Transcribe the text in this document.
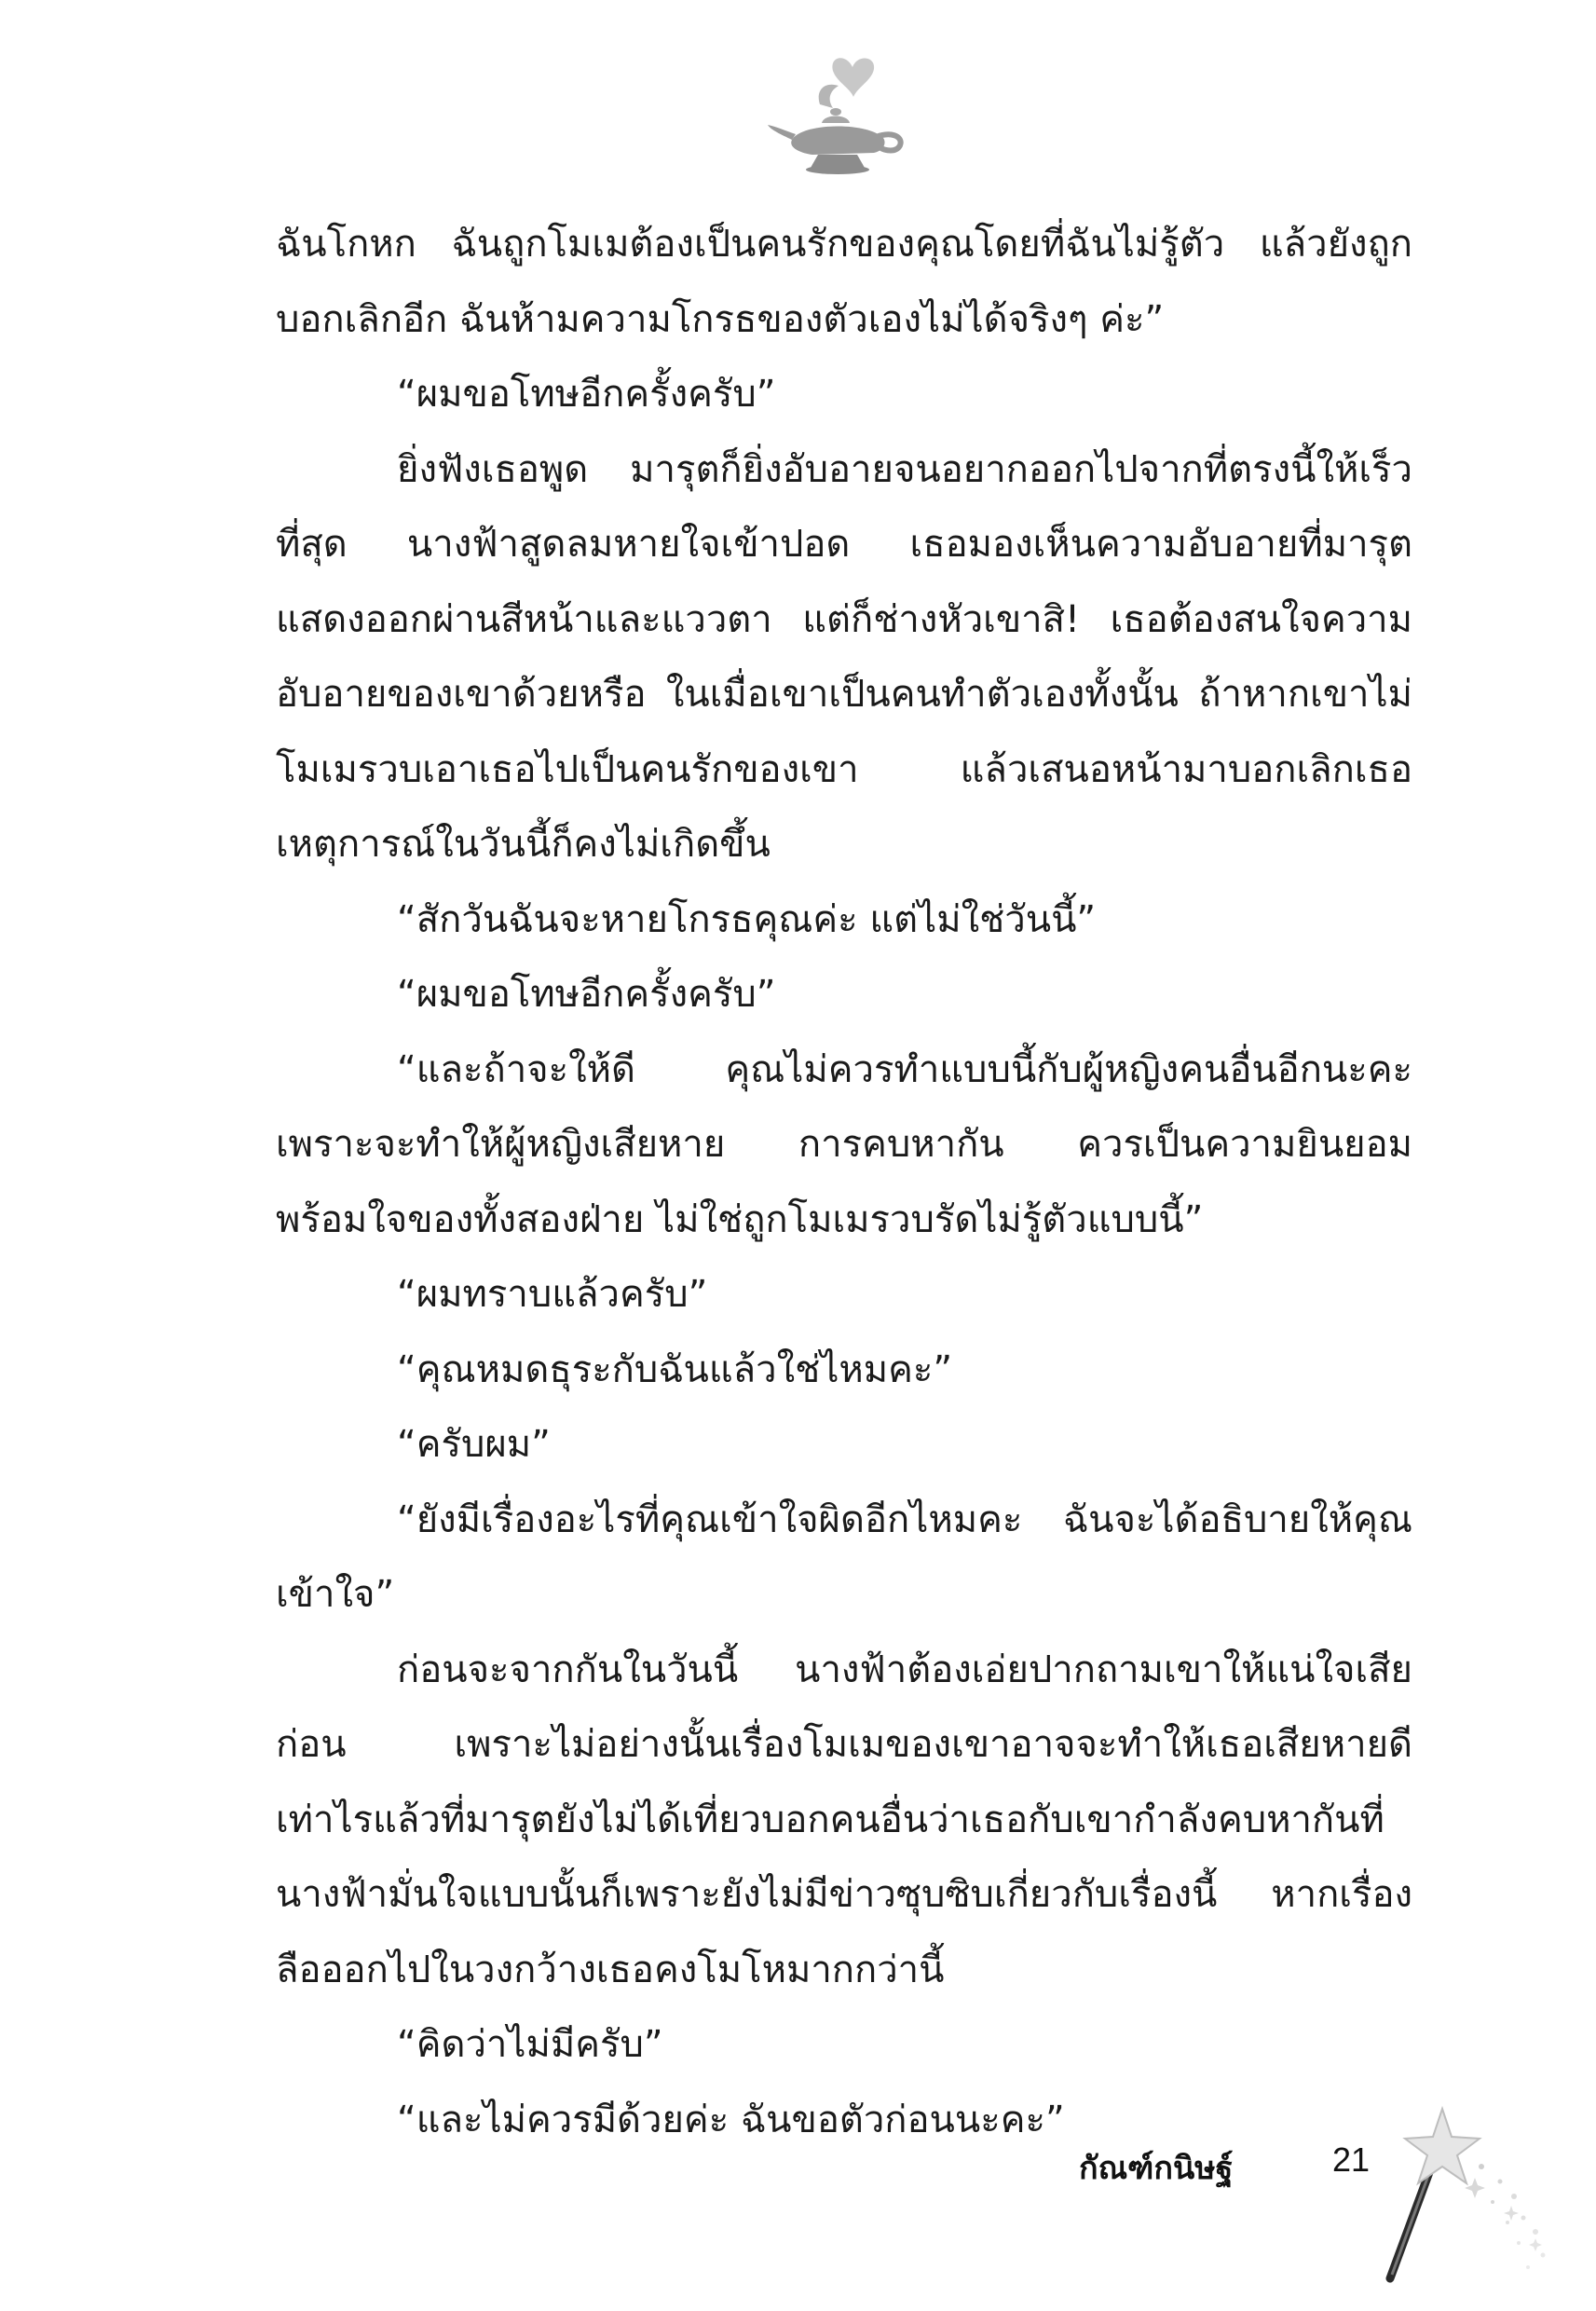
ฉันโกหก ฉันถูกโมเมต้องเป็นคนรักของคุณโดยที่ฉันไม่รู้ตัว แล้วยังถูกบอกเลิกอีก ฉันห้ามความโกรธของตัวเองไม่ได้จริงๆ ค่ะ”

“ผมขอโทษอีกครั้งครับ”

ยิ่งฟังเธอพูด มารุตก็ยิ่งอับอายจนอยากออกไปจากที่ตรงนี้ให้เร็วที่สุด นางฟ้าสูดลมหายใจเข้าปอด เธอมองเห็นความอับอายที่มารุตแสดงออกผ่านสีหน้าและแววตา แต่ก็ช่างหัวเขาสิ! เธอต้องสนใจความอับอายของเขาด้วยหรือ ในเมื่อเขาเป็นคนทำตัวเองทั้งนั้น ถ้าหากเขาไม่โมเมรวบเอาเธอไปเป็นคนรักของเขา แล้วเสนอหน้ามาบอกเลิกเธอเหตุการณ์ในวันนี้ก็คงไม่เกิดขึ้น

“สักวันฉันจะหายโกรธคุณค่ะ แต่ไม่ใช่วันนี้”

“ผมขอโทษอีกครั้งครับ”

“และถ้าจะให้ดี คุณไม่ควรทำแบบนี้กับผู้หญิงคนอื่นอีกนะคะ เพราะจะทำให้ผู้หญิงเสียหาย การคบหากัน ควรเป็นความยินยอมพร้อมใจของทั้งสองฝ่าย ไม่ใช่ถูกโมเมรวบรัดไม่รู้ตัวแบบนี้”

“ผมทราบแล้วครับ”

“คุณหมดธุระกับฉันแล้วใช่ไหมคะ”

“ครับผม”

“ยังมีเรื่องอะไรที่คุณเข้าใจผิดอีกไหมคะ ฉันจะได้อธิบายให้คุณเข้าใจ”

ก่อนจะจากกันในวันนี้ นางฟ้าต้องเอ่ยปากถามเขาให้แน่ใจเสียก่อน เพราะไม่อย่างนั้นเรื่องโมเมของเขาอาจจะทำให้เธอเสียหายดีเท่าไรแล้วที่มารุตยังไม่ได้เที่ยวบอกคนอื่นว่าเธอกับเขากำลังคบหากันที่นางฟ้ามั่นใจแบบนั้นก็เพราะยังไม่มีข่าวซุบซิบเกี่ยวกับเรื่องนี้ หากเรื่องลือออกไปในวงกว้างเธอคงโมโหมากกว่านี้

“คิดว่าไม่มีครับ”

“และไม่ควรมีด้วยค่ะ ฉันขอตัวก่อนนะคะ”

กัณฑ์กนิษฐ์	21
